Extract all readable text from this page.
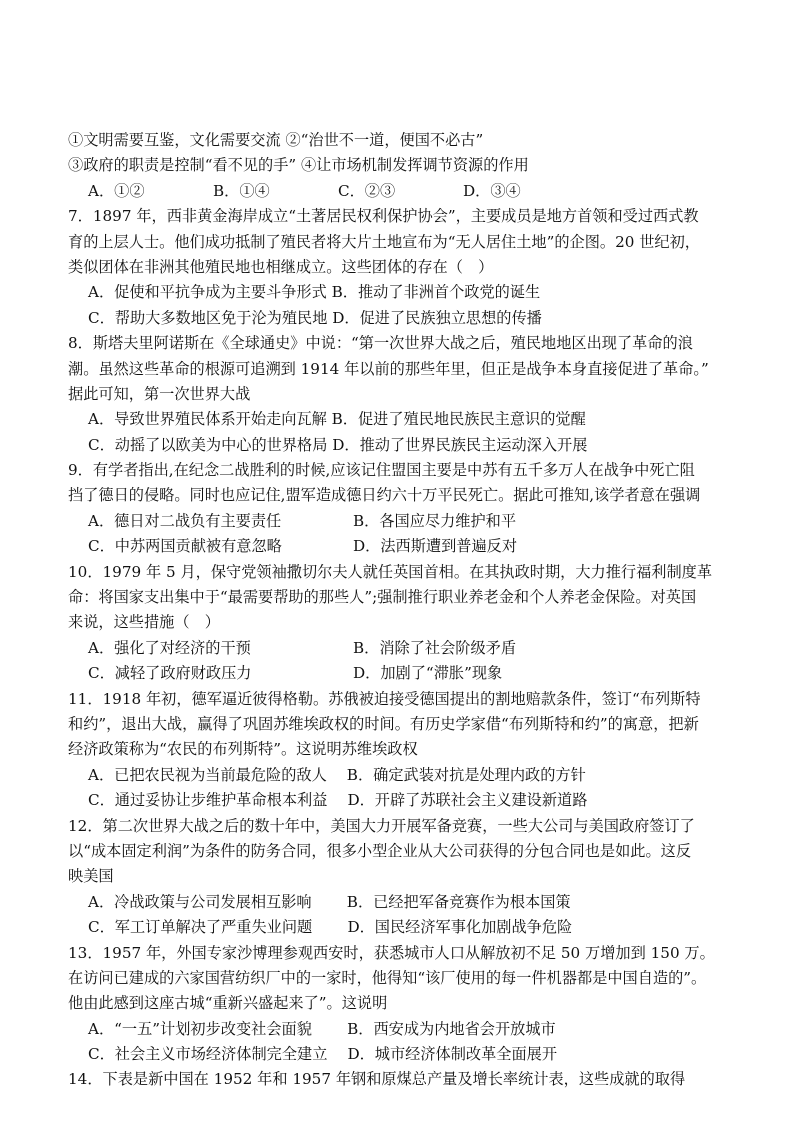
①文明需要互鉴，文化需要交流 ②“治世不一道，便国不必古”
③政府的职责是控制“看不见的手” ④让市场机制发挥调节资源的作用
A．①②	B．①④	C．②③	D．③④
7．1897 年，西非黄金海岸成立“土著居民权利保护协会”，主要成员是地方首领和受过西式教
育的上层人士。他们成功抵制了殖民者将大片土地宣布为“无人居住土地”的企图。20 世纪初，
类似团体在非洲其他殖民地也相继成立。这些团体的存在（　）
A．促使和平抗争成为主要斗争形式 B．推动了非洲首个政党的诞生
C．帮助大多数地区免于沦为殖民地 D．促进了民族独立思想的传播
8．斯塔夫里阿诺斯在《全球通史》中说：“第一次世界大战之后，殖民地地区出现了革命的浪
潮。虽然这些革命的根源可追溯到 1914 年以前的那些年里，但正是战争本身直接促进了革命。”
据此可知，第一次世界大战
A．导致世界殖民体系开始走向瓦解 B．促进了殖民地民族民主意识的觉醒
C．动摇了以欧美为中心的世界格局 D．推动了世界民族民主运动深入开展
9．有学者指出,在纪念二战胜利的时候,应该记住盟国主要是中苏有五千多万人在战争中死亡阻
挡了德日的侵略。同时也应记住,盟军造成德日约六十万平民死亡。据此可推知,该学者意在强调
A．德日对二战负有主要责任	B．各国应尽力维护和平
C．中苏两国贡献被有意忽略	D．法西斯遭到普遍反对
10．1979 年 5 月，保守党领袖撒切尔夫人就任英国首相。在其执政时期，大力推行福利制度革
命：将国家支出集中于“最需要帮助的那些人”;强制推行职业养老金和个人养老金保险。对英国
来说，这些措施（　）
A．强化了对经济的干预	B．消除了社会阶级矛盾
C．减轻了政府财政压力	D．加剧了“滞胀”现象
11．1918 年初，德军逼近彼得格勒。苏俄被迫接受德国提出的割地赔款条件，签订“布列斯特
和约”，退出大战，赢得了巩固苏维埃政权的时间。有历史学家借“布列斯特和约”的寓意，把新
经济政策称为“农民的布列斯特”。这说明苏维埃政权
A．已把农民视为当前最危险的敌人　 B．确定武装对抗是处理内政的方针
C．通过妥协让步维护革命根本利益　 D．开辟了苏联社会主义建设新道路
12．第二次世界大战之后的数十年中，美国大力开展军备竞赛，一些大公司与美国政府签订了
以“成本固定利润”为条件的防务合同，很多小型企业从大公司获得的分包合同也是如此。这反
映美国
A．冷战政策与公司发展相互影响　　 B．已经把军备竞赛作为根本国策
C．军工订单解决了严重失业问题　　 D．国民经济军事化加剧战争危险
13．1957 年，外国专家沙博理参观西安时，获悉城市人口从解放初不足 50 万增加到 150 万。
在访问已建成的六家国营纺织厂中的一家时，他得知“该厂使用的每一件机器都是中国自造的”。
他由此感到这座古城“重新兴盛起来了”。这说明
A．“一五”计划初步改变社会面貌　　 B．西安成为内地省会开放城市
C．社会主义市场经济体制完全建立　 D．城市经济体制改革全面展开
14．下表是新中国在 1952 年和 1957 年钢和原煤总产量及增长率统计表，这些成就的取得
